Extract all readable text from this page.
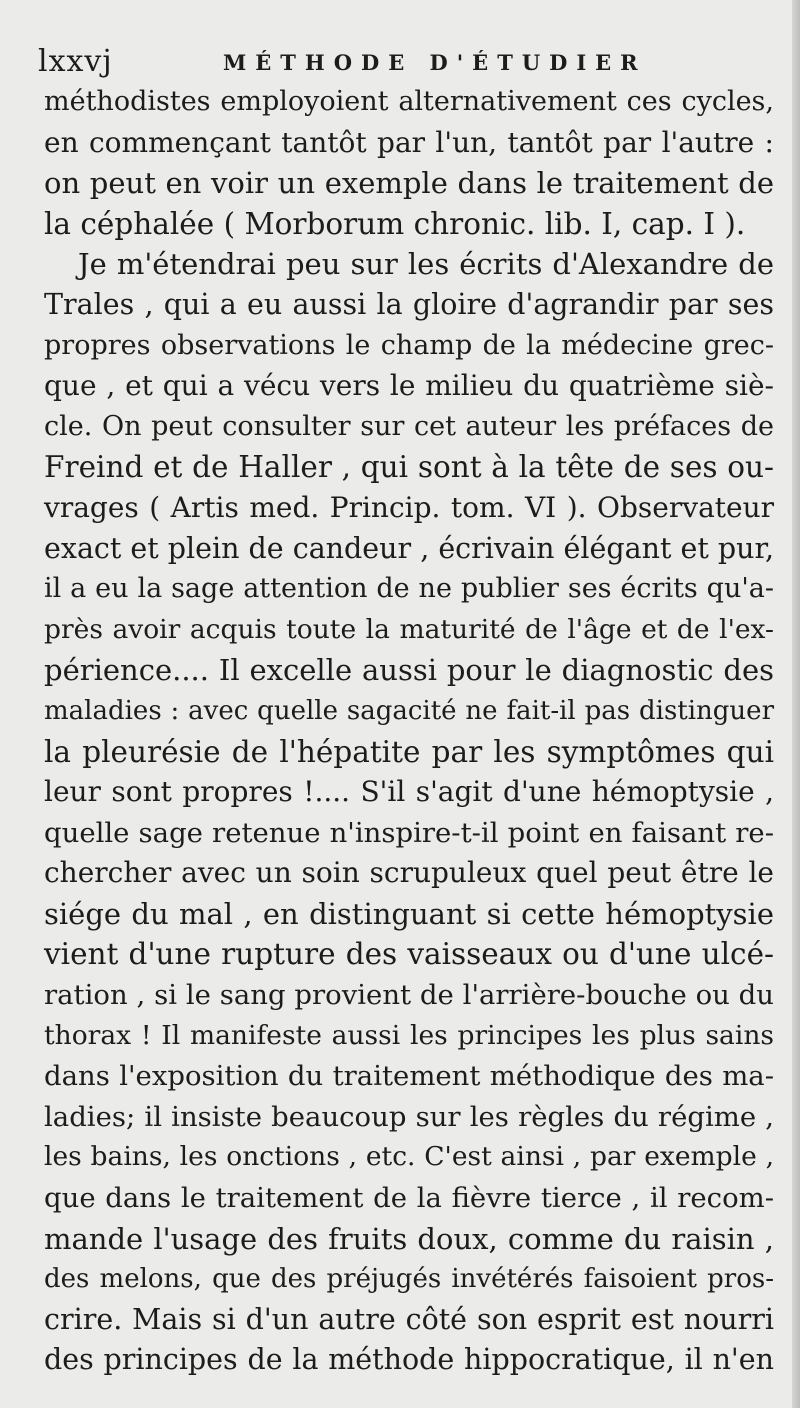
lxxvj	MÉTHODE D'ÉTUDIER
méthodistes employoient alternativement ces cycles,
en commençant tantôt par l'un, tantôt par l'autre :
on peut en voir un exemple dans le traitement de
la céphalée ( Morborum chronic. lib. I, cap. I ).
Je m'étendrai peu sur les écrits d'Alexandre de
Trales , qui a eu aussi la gloire d'agrandir par ses
propres observations le champ de la médecine grec-
que , et qui a vécu vers le milieu du quatrième siè-
cle. On peut consulter sur cet auteur les préfaces de
Freind et de Haller , qui sont à la tête de ses ou-
vrages ( Artis med. Princip. tom. VI ). Observateur
exact et plein de candeur , écrivain élégant et pur,
il a eu la sage attention de ne publier ses écrits qu'a-
près avoir acquis toute la maturité de l'âge et de l'ex-
périence.... Il excelle aussi pour le diagnostic des
maladies : avec quelle sagacité ne fait-il pas distinguer
la pleurésie de l'hépatite par les symptômes qui
leur sont propres !.... S'il s'agit d'une hémoptysie ,
quelle sage retenue n'inspire-t-il point en faisant re-
chercher avec un soin scrupuleux quel peut être le
siége du mal , en distinguant si cette hémoptysie
vient d'une rupture des vaisseaux ou d'une ulcé-
ration , si le sang provient de l'arrière-bouche ou du
thorax ! Il manifeste aussi les principes les plus sains
dans l'exposition du traitement méthodique des ma-
ladies; il insiste beaucoup sur les règles du régime ,
les bains, les onctions , etc. C'est ainsi , par exemple ,
que dans le traitement de la fièvre tierce , il recom-
mande l'usage des fruits doux, comme du raisin ,
des melons, que des préjugés invétérés faisoient pros-
crire. Mais si d'un autre côté son esprit est nourri
des principes de la méthode hippocratique, il n'en
